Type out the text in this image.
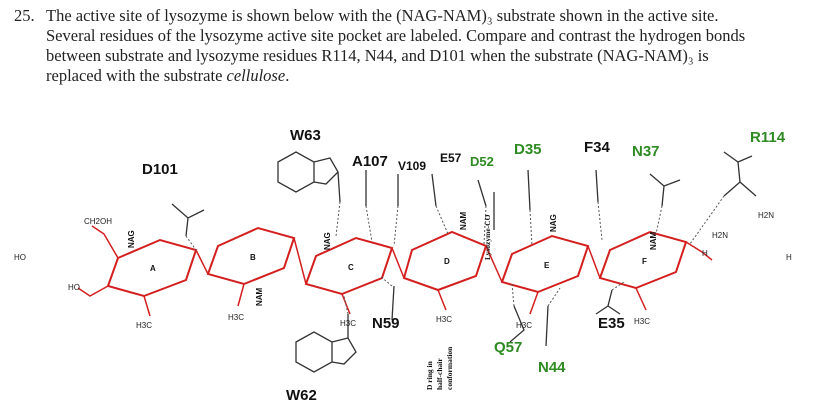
25. The active site of lysozyme is shown below with the (NAG-NAM)₃ substrate shown in the active site.
Several residues of the lysozyme active site pocket are labeled. Compare and contrast the hydrogen bonds
between substrate and lysozyme residues R114, N44, and D101 when the substrate (NAG-NAM)₃ is
replaced with the substrate cellulose.
A
B
C
D	E	F
NAG
NAM
NAG
NAM	NAG
NAM
CH2OH
HO
HO
H3C
H3C
H3C	H3C
H3C	H3C
H
H2N
H2N
H
D101
W63
A107 V109
E57 D52
D35	F34 N37
R114
N59
Q57
N44
E35
W62
Lysozyme-CO
D ring in half-chair conformation
